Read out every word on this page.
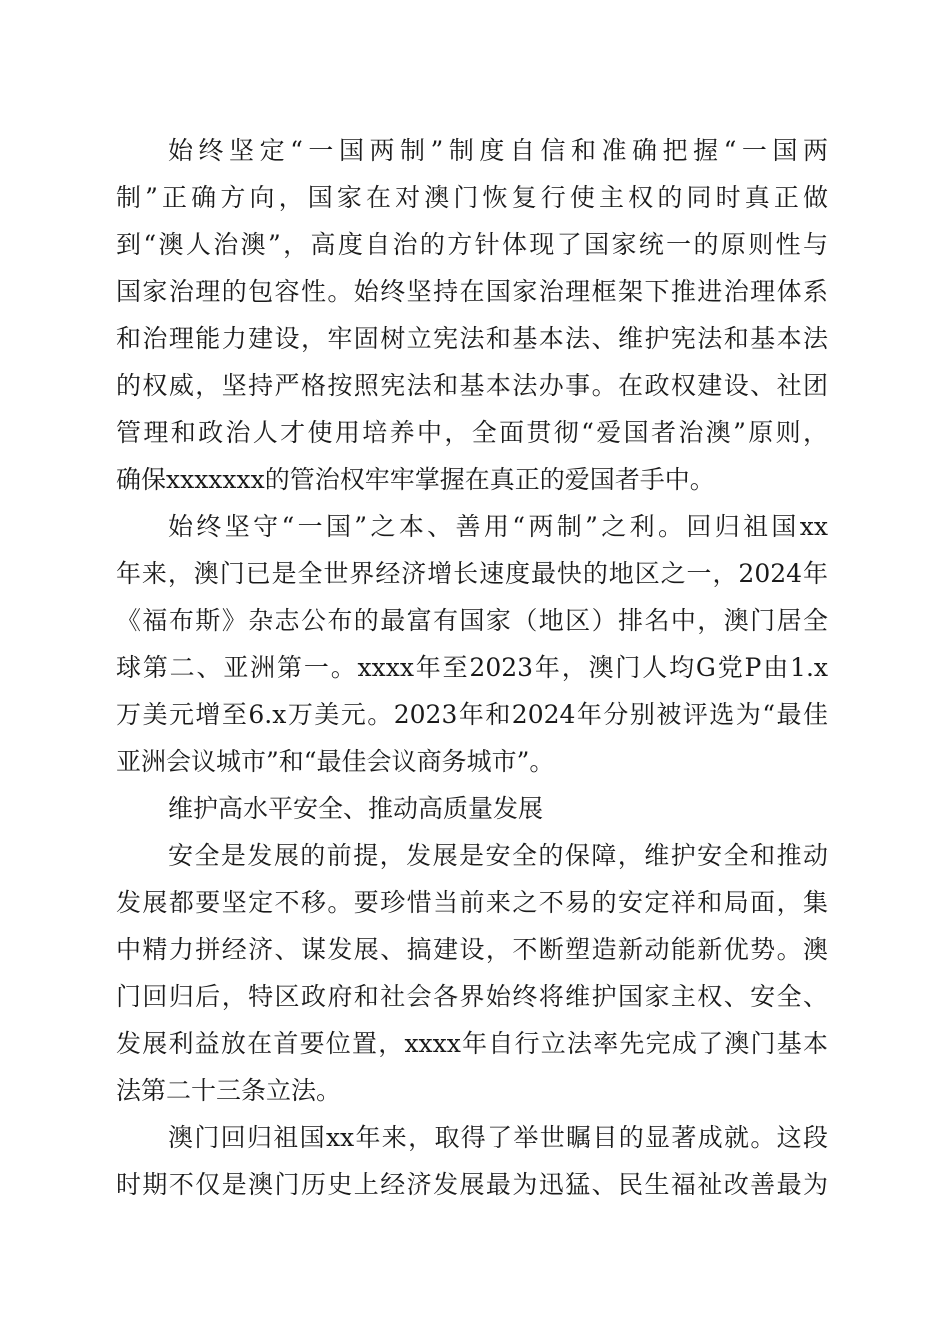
始终坚定“一国两制”制度自信和准确把握“一国两
制”正确方向，国家在对澳门恢复行使主权的同时真正做
到“澳人治澳”，高度自治的方针体现了国家统一的原则性与
国家治理的包容性。始终坚持在国家治理框架下推进治理体系
和治理能力建设，牢固树立宪法和基本法、维护宪法和基本法
的权威，坚持严格按照宪法和基本法办事。在政权建设、社团
管理和政治人才使用培养中，全面贯彻“爱国者治澳”原则，
确保xxxxxxx的管治权牢牢掌握在真正的爱国者手中。
始终坚守“一国”之本、善用“两制”之利。回归祖国xx
年来，澳门已是全世界经济增长速度最快的地区之一，2024年
《福布斯》杂志公布的最富有国家（地区）排名中，澳门居全
球第二、亚洲第一。xxxx年至2023年，澳门人均G党P由1.x
万美元增至6.x万美元。2023年和2024年分别被评选为“最佳
亚洲会议城市”和“最佳会议商务城市”。
维护高水平安全、推动高质量发展
安全是发展的前提，发展是安全的保障，维护安全和推动
发展都要坚定不移。要珍惜当前来之不易的安定祥和局面，集
中精力拼经济、谋发展、搞建设，不断塑造新动能新优势。澳
门回归后，特区政府和社会各界始终将维护国家主权、安全、
发展利益放在首要位置，xxxx年自行立法率先完成了澳门基本
法第二十三条立法。
澳门回归祖国xx年来，取得了举世瞩目的显著成就。这段
时期不仅是澳门历史上经济发展最为迅猛、民生福祉改善最为
